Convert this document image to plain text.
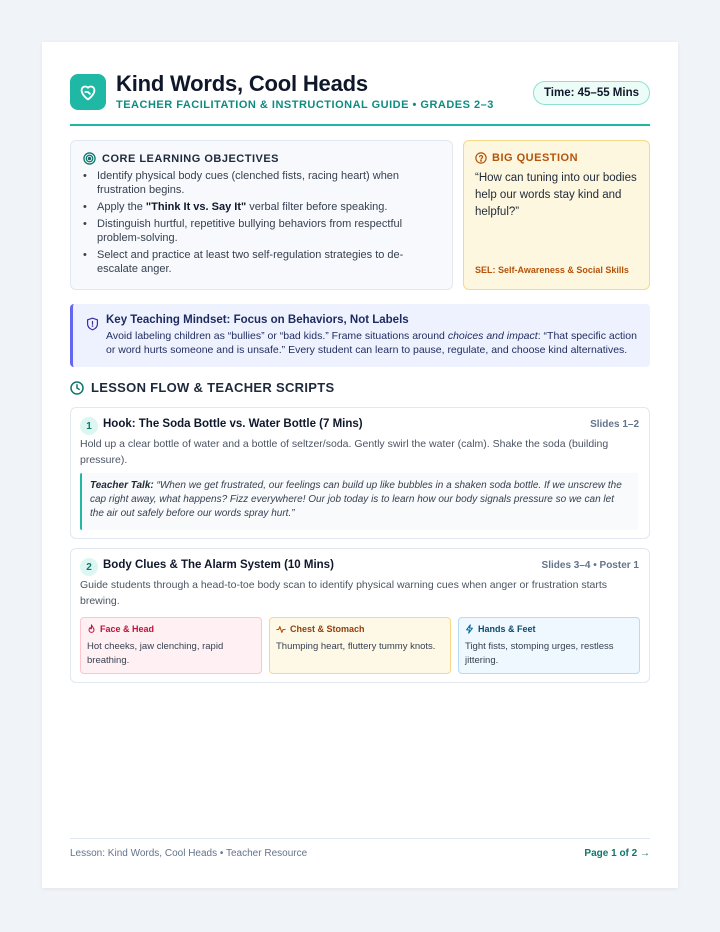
Kind Words, Cool Heads
TEACHER FACILITATION & INSTRUCTIONAL GUIDE • GRADES 2–3
Time: 45–55 Mins
CORE LEARNING OBJECTIVES
• Identify physical body cues (clenched fists, racing heart) when frustration begins.
• Apply the "Think It vs. Say It" verbal filter before speaking.
• Distinguish hurtful, repetitive bullying behaviors from respectful problem-solving.
• Select and practice at least two self-regulation strategies to de-escalate anger.
BIG QUESTION
“How can tuning into our bodies help our words stay kind and helpful?”
SEL: Self-Awareness & Social Skills
Key Teaching Mindset: Focus on Behaviors, Not Labels
Avoid labeling children as “bullies” or “bad kids.” Frame situations around choices and impact: “That specific action or word hurts someone and is unsafe.” Every student can learn to pause, regulate, and choose kind alternatives.
LESSON FLOW & TEACHER SCRIPTS
1 Hook: The Soda Bottle vs. Water Bottle (7 Mins)	Slides 1–2
Hold up a clear bottle of water and a bottle of seltzer/soda. Gently swirl the water (calm). Shake the soda (building pressure).
Teacher Talk: “When we get frustrated, our feelings can build up like bubbles in a shaken soda bottle. If we unscrew the cap right away, what happens? Fizz everywhere! Our job today is to learn how our body signals pressure so we can let the air out safely before our words spray hurt.”
2 Body Clues & The Alarm System (10 Mins)	Slides 3–4 • Poster 1
Guide students through a head-to-toe body scan to identify physical warning cues when anger or frustration starts brewing.
Face & Head
Hot cheeks, jaw clenching, rapid breathing.
Chest & Stomach
Thumping heart, fluttery tummy knots.
Hands & Feet
Tight fists, stomping urges, restless jittering.
Lesson: Kind Words, Cool Heads • Teacher Resource	Page 1 of 2 →
